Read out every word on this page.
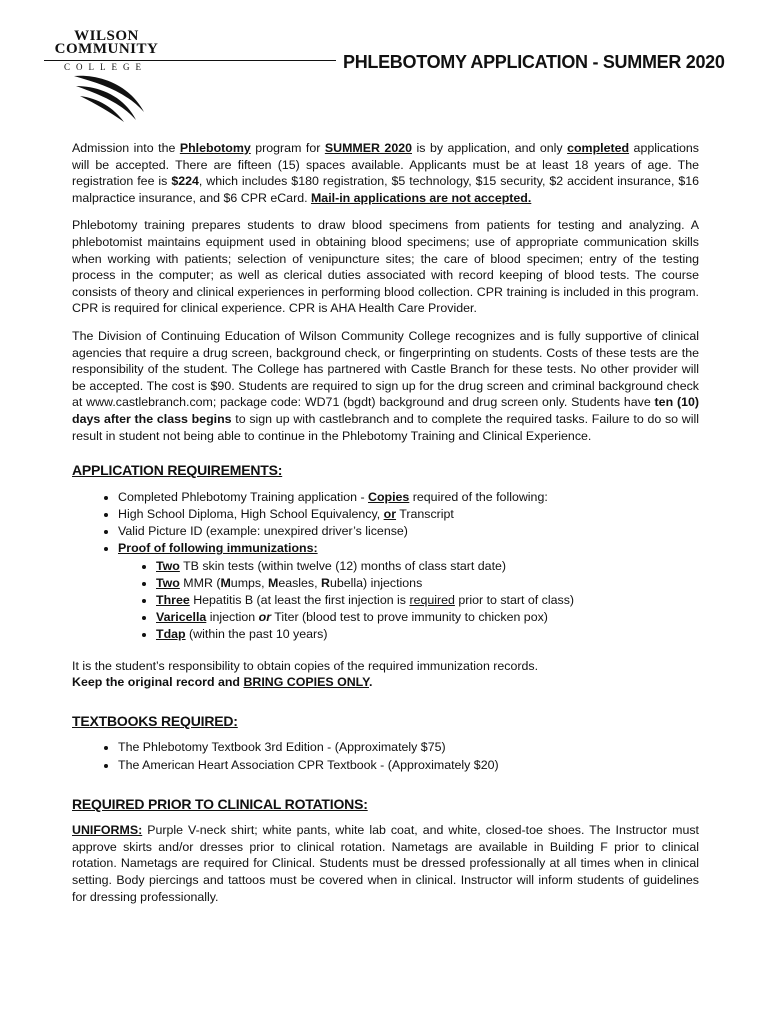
WILSON
COMMUNITY
COLLEGE	PHLEBOTOMY APPLICATION - SUMMER 2020

Admission into the Phlebotomy program for SUMMER 2020 is by application, and only completed applications will be accepted. There are fifteen (15) spaces available. Applicants must be at least 18 years of age. The registration fee is $224, which includes $180 registration, $5 technology, $15 security, $2 accident insurance, $16 malpractice insurance, and $6 CPR eCard. Mail-in applications are not accepted.

Phlebotomy training prepares students to draw blood specimens from patients for testing and analyzing. A phlebotomist maintains equipment used in obtaining blood specimens; use of appropriate communication skills when working with patients; selection of venipuncture sites; the care of blood specimen; entry of the testing process in the computer; as well as clerical duties associated with record keeping of blood tests. The course consists of theory and clinical experiences in performing blood collection. CPR training is included in this program. CPR is required for clinical experience. CPR is AHA Health Care Provider.

The Division of Continuing Education of Wilson Community College recognizes and is fully supportive of clinical agencies that require a drug screen, background check, or fingerprinting on students. Costs of these tests are the responsibility of the student. The College has partnered with Castle Branch for these tests. No other provider will be accepted. The cost is $90. Students are required to sign up for the drug screen and criminal background check at www.castlebranch.com; package code: WD71 (bgdt) background and drug screen only. Students have ten (10) days after the class begins to sign up with castlebranch and to complete the required tasks. Failure to do so will result in student not being able to continue in the Phlebotomy Training and Clinical Experience.

APPLICATION REQUIREMENTS:
• Completed Phlebotomy Training application - Copies required of the following:
• High School Diploma, High School Equivalency, or Transcript
• Valid Picture ID (example: unexpired driver’s license)
• Proof of following immunizations:
• Two TB skin tests (within twelve (12) months of class start date)
• Two MMR (Mumps, Measles, Rubella) injections
• Three Hepatitis B (at least the first injection is required prior to start of class)
• Varicella injection or Titer (blood test to prove immunity to chicken pox)
• Tdap (within the past 10 years)

It is the student’s responsibility to obtain copies of the required immunization records.

Keep the original record and BRING COPIES ONLY.

TEXTBOOKS REQUIRED:
• The Phlebotomy Textbook 3rd Edition - (Approximately $75)
• The American Heart Association CPR Textbook - (Approximately $20)
REQUIRED PRIOR TO CLINICAL ROTATIONS:

UNIFORMS: Purple V-neck shirt; white pants, white lab coat, and white, closed-toe shoes. The Instructor must approve skirts and/or dresses prior to clinical rotation. Nametags are available in Building F prior to clinical rotation. Nametags are required for Clinical. Students must be dressed professionally at all times when in clinical setting. Body piercings and tattoos must be covered when in clinical. Instructor will inform students of guidelines for dressing professionally.
